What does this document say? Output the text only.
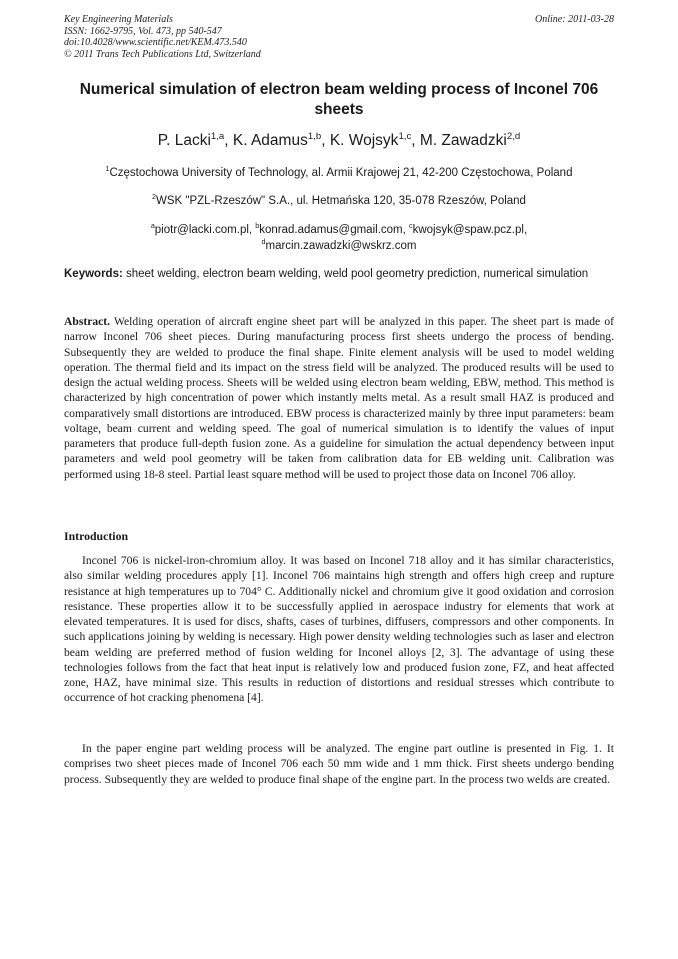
Key Engineering Materials
ISSN: 1662-9795, Vol. 473, pp 540-547
doi:10.4028/www.scientific.net/KEM.473.540
© 2011 Trans Tech Publications Ltd, Switzerland
Online: 2011-03-28
Numerical simulation of electron beam welding process of Inconel 706 sheets
P. Lacki$^{1,a}$, K. Adamus$^{1,b}$, K. Wojsyk$^{1,c}$, M. Zawadzki$^{2,d}$
$^1$Częstochowa University of Technology, al. Armii Krajowej 21, 42-200 Częstochowa, Poland
$^2$WSK "PZL-Rzeszów" S.A., ul. Hetmańska 120, 35-078 Rzeszów, Poland
$^a$piotr@lacki.com.pl, $^b$konrad.adamus@gmail.com, $^c$kwojsyk@spaw.pcz.pl,
$^d$marcin.zawadzki@wskrz.com
Keywords: sheet welding, electron beam welding, weld pool geometry prediction, numerical simulation
Abstract. Welding operation of aircraft engine sheet part will be analyzed in this paper. The sheet part is made of narrow Inconel 706 sheet pieces. During manufacturing process first sheets undergo the process of bending. Subsequently they are welded to produce the final shape. Finite element analysis will be used to model welding operation. The thermal field and its impact on the stress field will be analyzed. The produced results will be used to design the actual welding process. Sheets will be welded using electron beam welding, EBW, method. This method is characterized by high concentration of power which instantly melts metal. As a result small HAZ is produced and comparatively small distortions are introduced. EBW process is characterized mainly by three input parameters: beam voltage, beam current and welding speed. The goal of numerical simulation is to identify the values of input parameters that produce full-depth fusion zone. As a guideline for simulation the actual dependency between input parameters and weld pool geometry will be taken from calibration data for EB welding unit. Calibration was performed using 18-8 steel. Partial least square method will be used to project those data on Inconel 706 alloy.
Introduction
Inconel 706 is nickel-iron-chromium alloy. It was based on Inconel 718 alloy and it has similar characteristics, also similar welding procedures apply [1]. Inconel 706 maintains high strength and offers high creep and rupture resistance at high temperatures up to 704° C. Additionally nickel and chromium give it good oxidation and corrosion resistance. These properties allow it to be successfully applied in aerospace industry for elements that work at elevated temperatures. It is used for discs, shafts, cases of turbines, diffusers, compressors and other components. In such applications joining by welding is necessary. High power density welding technologies such as laser and electron beam welding are preferred method of fusion welding for Inconel alloys [2, 3]. The advantage of using these technologies follows from the fact that heat input is relatively low and produced fusion zone, FZ, and heat affected zone, HAZ, have minimal size. This results in reduction of distortions and residual stresses which contribute to occurrence of hot cracking phenomena [4].
In the paper engine part welding process will be analyzed. The engine part outline is presented in Fig. 1. It comprises two sheet pieces made of Inconel 706 each 50 mm wide and 1 mm thick. First sheets undergo bending process. Subsequently they are welded to produce final shape of the engine part. In the process two welds are created.
